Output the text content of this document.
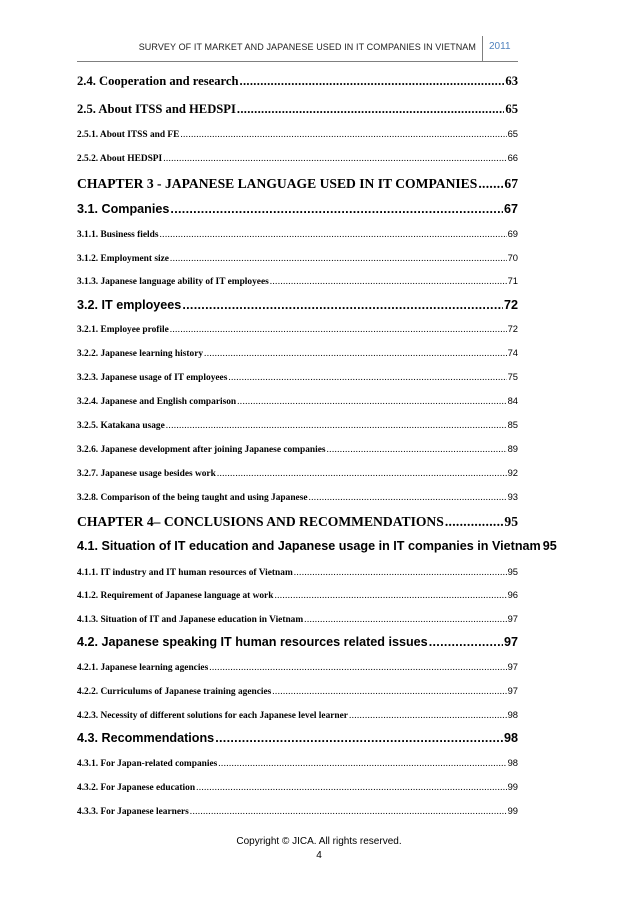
SURVEY OF IT MARKET AND JAPANESE USED IN IT COMPANIES IN VIETNAM 2011
2.4. Cooperation and research .....	63
2.5. About ITSS and HEDSPI .....	65
2.5.1. About ITSS and FE .....	65
2.5.2. About HEDSPI .....	66
CHAPTER 3 - JAPANESE LANGUAGE USED IN IT COMPANIES ..... 67
3.1. Companies .....	67
3.1.1. Business fields .....	69
3.1.2. Employment size .....	70
3.1.3. Japanese language ability of IT employees .....	71
3.2. IT employees .....	72
3.2.1. Employee profile .....	72
3.2.2. Japanese learning history .....	74
3.2.3. Japanese usage of IT employees .....	75
3.2.4. Japanese and English comparison .....	84
3.2.5. Katakana usage .....	85
3.2.6. Japanese development after joining Japanese companies .....	89
3.2.7. Japanese usage besides work .....	92
3.2.8. Comparison of the being taught and using Japanese .....	93
CHAPTER 4– CONCLUSIONS AND RECOMMENDATIONS .....	95
4.1. Situation of IT education and Japanese usage in IT companies in Vietnam 95
4.1.1. IT industry and IT human resources of Vietnam .....	95
4.1.2. Requirement of Japanese language at work .....	96
4.1.3. Situation of IT and Japanese education in Vietnam .....	97
4.2. Japanese speaking IT human resources related issues .....	97
4.2.1. Japanese learning agencies .....	97
4.2.2. Curriculums of Japanese training agencies .....	97
4.2.3. Necessity of different solutions for each Japanese level learner .....	98
4.3. Recommendations .....	98
4.3.1. For Japan-related companies .....	98
4.3.2. For Japanese education .....	99
4.3.3. For Japanese learners .....	99
Copyright © JICA. All rights reserved.
4
